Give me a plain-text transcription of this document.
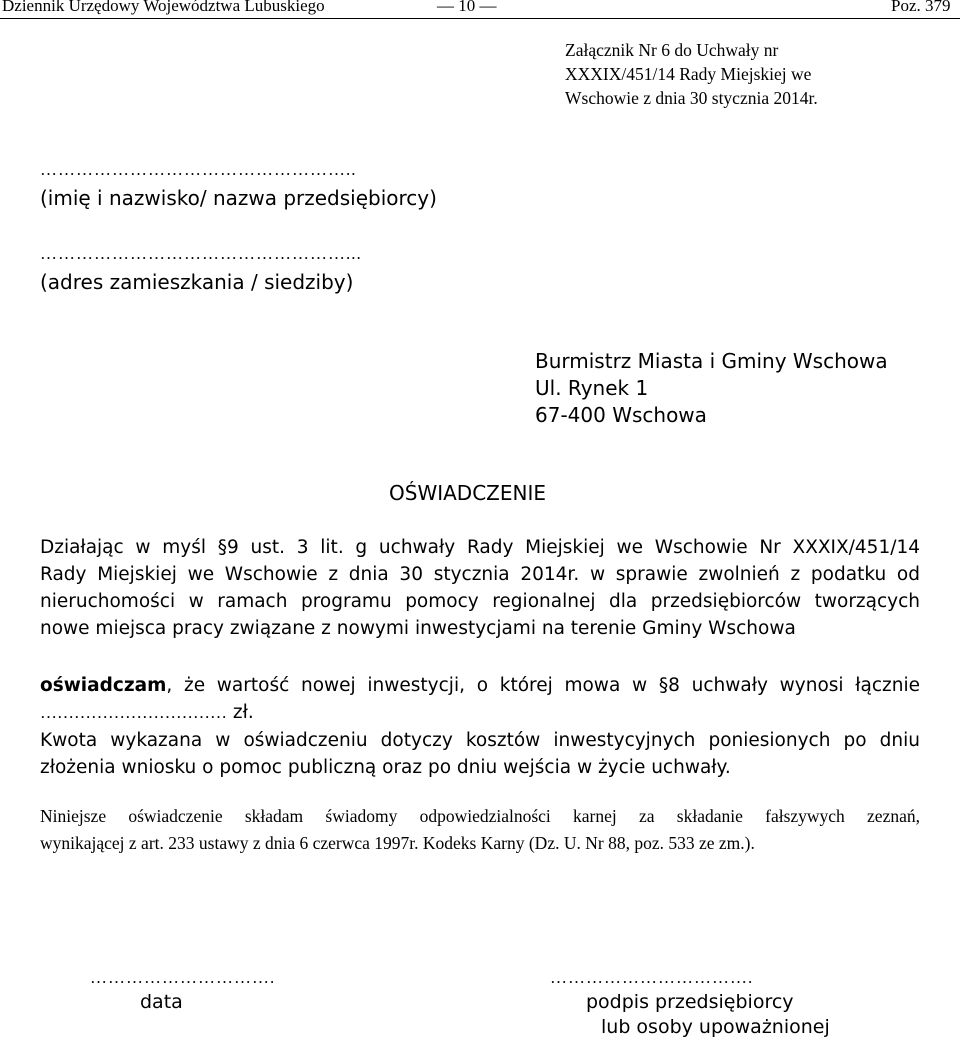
Dziennik Urzędowy Województwa Lubuskiego	— 10 —	Poz. 379
Załącznik Nr 6 do Uchwały nr
XXXIX/451/14 Rady Miejskiej we
Wschowie z dnia 30 stycznia 2014r.
……………………………………………..
(imię i nazwisko/ nazwa przedsiębiorcy)
……………………………………………...
(adres zamieszkania / siedziby)
Burmistrz Miasta i Gminy Wschowa
Ul. Rynek 1
67-400 Wschowa
OŚWIADCZENIE
Działając w myśl §9 ust. 3 lit. g uchwały Rady Miejskiej we Wschowie Nr XXXIX/451/14
Rady Miejskiej we Wschowie z dnia 30 stycznia 2014r. w sprawie zwolnień z podatku od
nieruchomości w ramach programu pomocy regionalnej dla przedsiębiorców tworzących
nowe miejsca pracy związane z nowymi inwestycjami na terenie Gminy Wschowa
oświadczam, że wartość nowej inwestycji, o której mowa w §8 uchwały wynosi łącznie
…………………………… zł.
Kwota wykazana w oświadczeniu dotyczy kosztów inwestycyjnych poniesionych po dniu
złożenia wniosku o pomoc publiczną oraz po dniu wejścia w życie uchwały.
Niniejsze oświadczenie składam świadomy odpowiedzialności karnej za składanie fałszywych zeznań,
wynikającej z art. 233 ustawy z dnia 6 czerwca 1997r. Kodeks Karny (Dz. U. Nr 88, poz. 533 ze zm.).
………………………….
data
…………………………….
podpis przedsiębiorcy
lub osoby upoważnionej
